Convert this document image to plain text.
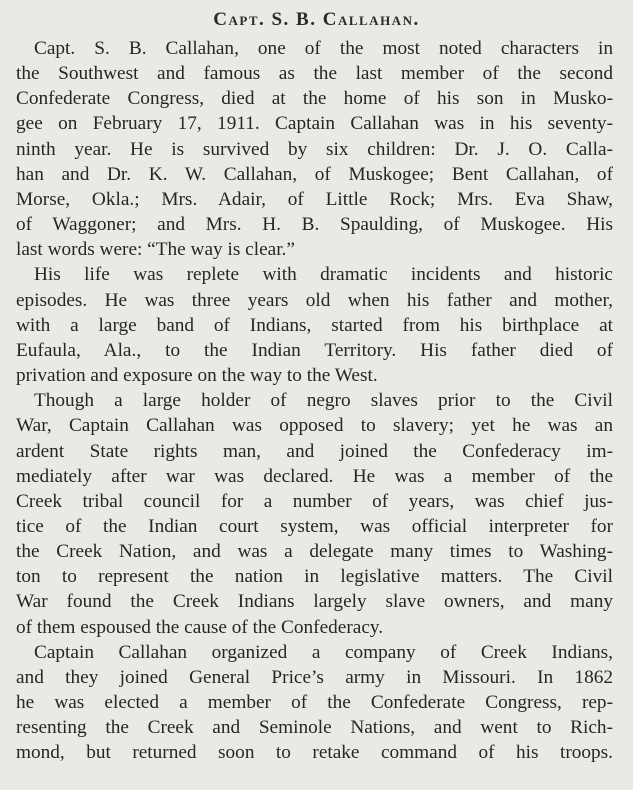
Capt. S. B. Callahan.

Capt. S. B. Callahan, one of the most noted characters in
the Southwest and famous as the last member of the second
Confederate Congress, died at the home of his son in Musko-
gee on February 17, 1911. Captain Callahan was in his seventy-
ninth year. He is survived by six children: Dr. J. O. Calla-
han and Dr. K. W. Callahan, of Muskogee; Bent Callahan, of
Morse, Okla.; Mrs. Adair, of Little Rock; Mrs. Eva Shaw,
of Waggoner; and Mrs. H. B. Spaulding, of Muskogee. His
last words were: “The way is clear.”

His life was replete with dramatic incidents and historic
episodes. He was three years old when his father and mother,
with a large band of Indians, started from his birthplace at
Eufaula, Ala., to the Indian Territory. His father died of
privation and exposure on the way to the West.

Though a large holder of negro slaves prior to the Civil
War, Captain Callahan was opposed to slavery; yet he was an
ardent State rights man, and joined the Confederacy im-
mediately after war was declared. He was a member of the
Creek tribal council for a number of years, was chief jus-
tice of the Indian court system, was official interpreter for
the Creek Nation, and was a delegate many times to Washing-
ton to represent the nation in legislative matters. The Civil
War found the Creek Indians largely slave owners, and many
of them espoused the cause of the Confederacy.

Captain Callahan organized a company of Creek Indians,
and they joined General Price’s army in Missouri. In 1862
he was elected a member of the Confederate Congress, rep-
resenting the Creek and Seminole Nations, and went to Rich-
mond, but returned soon to retake command of his troops.
